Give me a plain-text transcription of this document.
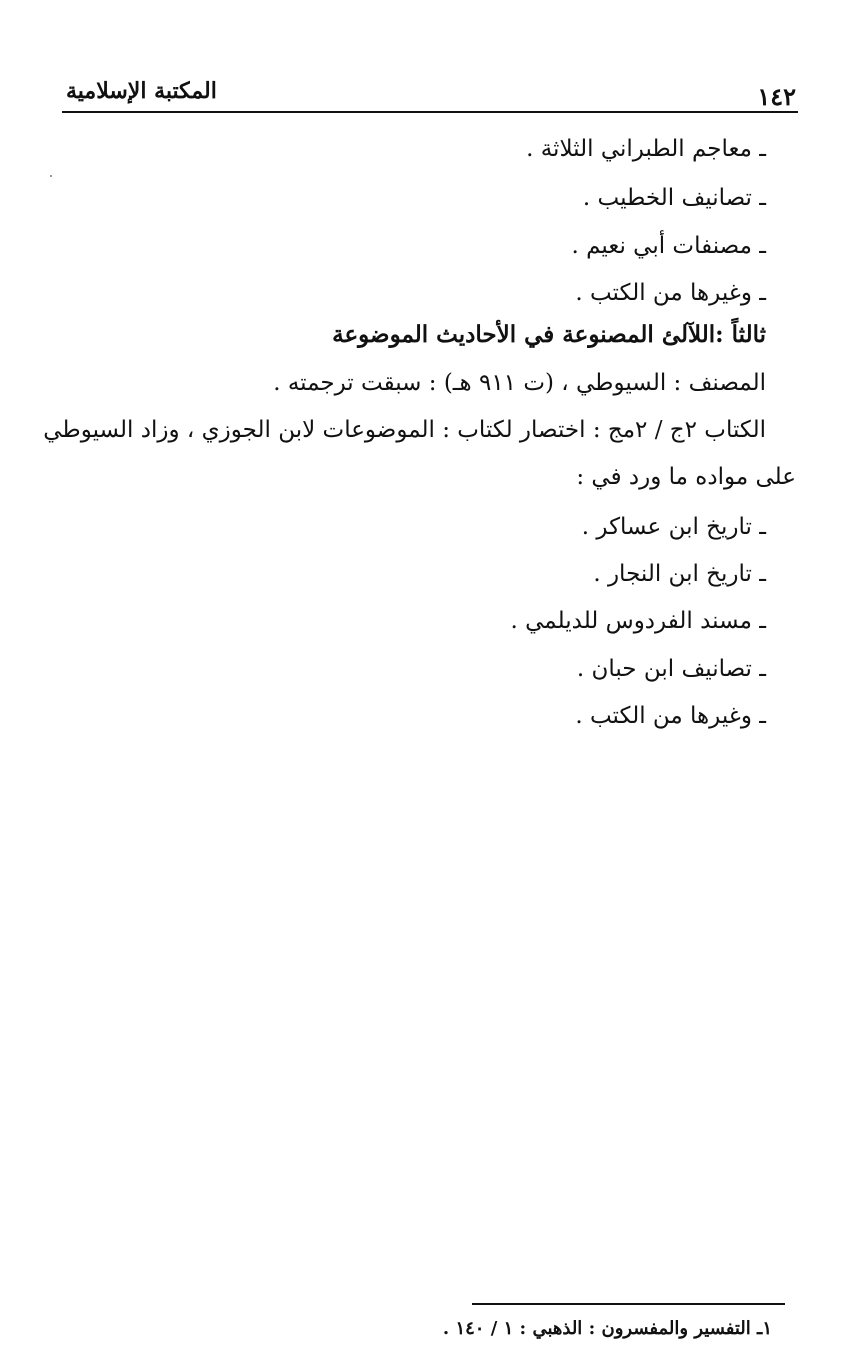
١٤٢
المكتبة الإسلامية
ـ معاجم الطبراني الثلاثة .
ـ تصانيف الخطيب .
ـ مصنفات أبي نعيم .
ـ وغيرها من الكتب .
ثالثاً :اللآلئ المصنوعة في الأحاديث الموضوعة
المصنف : السيوطي ، (ت ٩١١ هـ) : سبقت ترجمته .
الكتاب ٢ج / ٢مج : اختصار لكتاب : الموضوعات لابن الجوزي ، وزاد السيوطي
على مواده ما ورد في :
ـ تاريخ ابن عساكر .
ـ تاريخ ابن النجار .
ـ مسند الفردوس للديلمي .
ـ تصانيف ابن حبان .
ـ وغيرها من الكتب .
١ـ التفسير والمفسرون : الذهبي : ١ / ١٤٠ .
